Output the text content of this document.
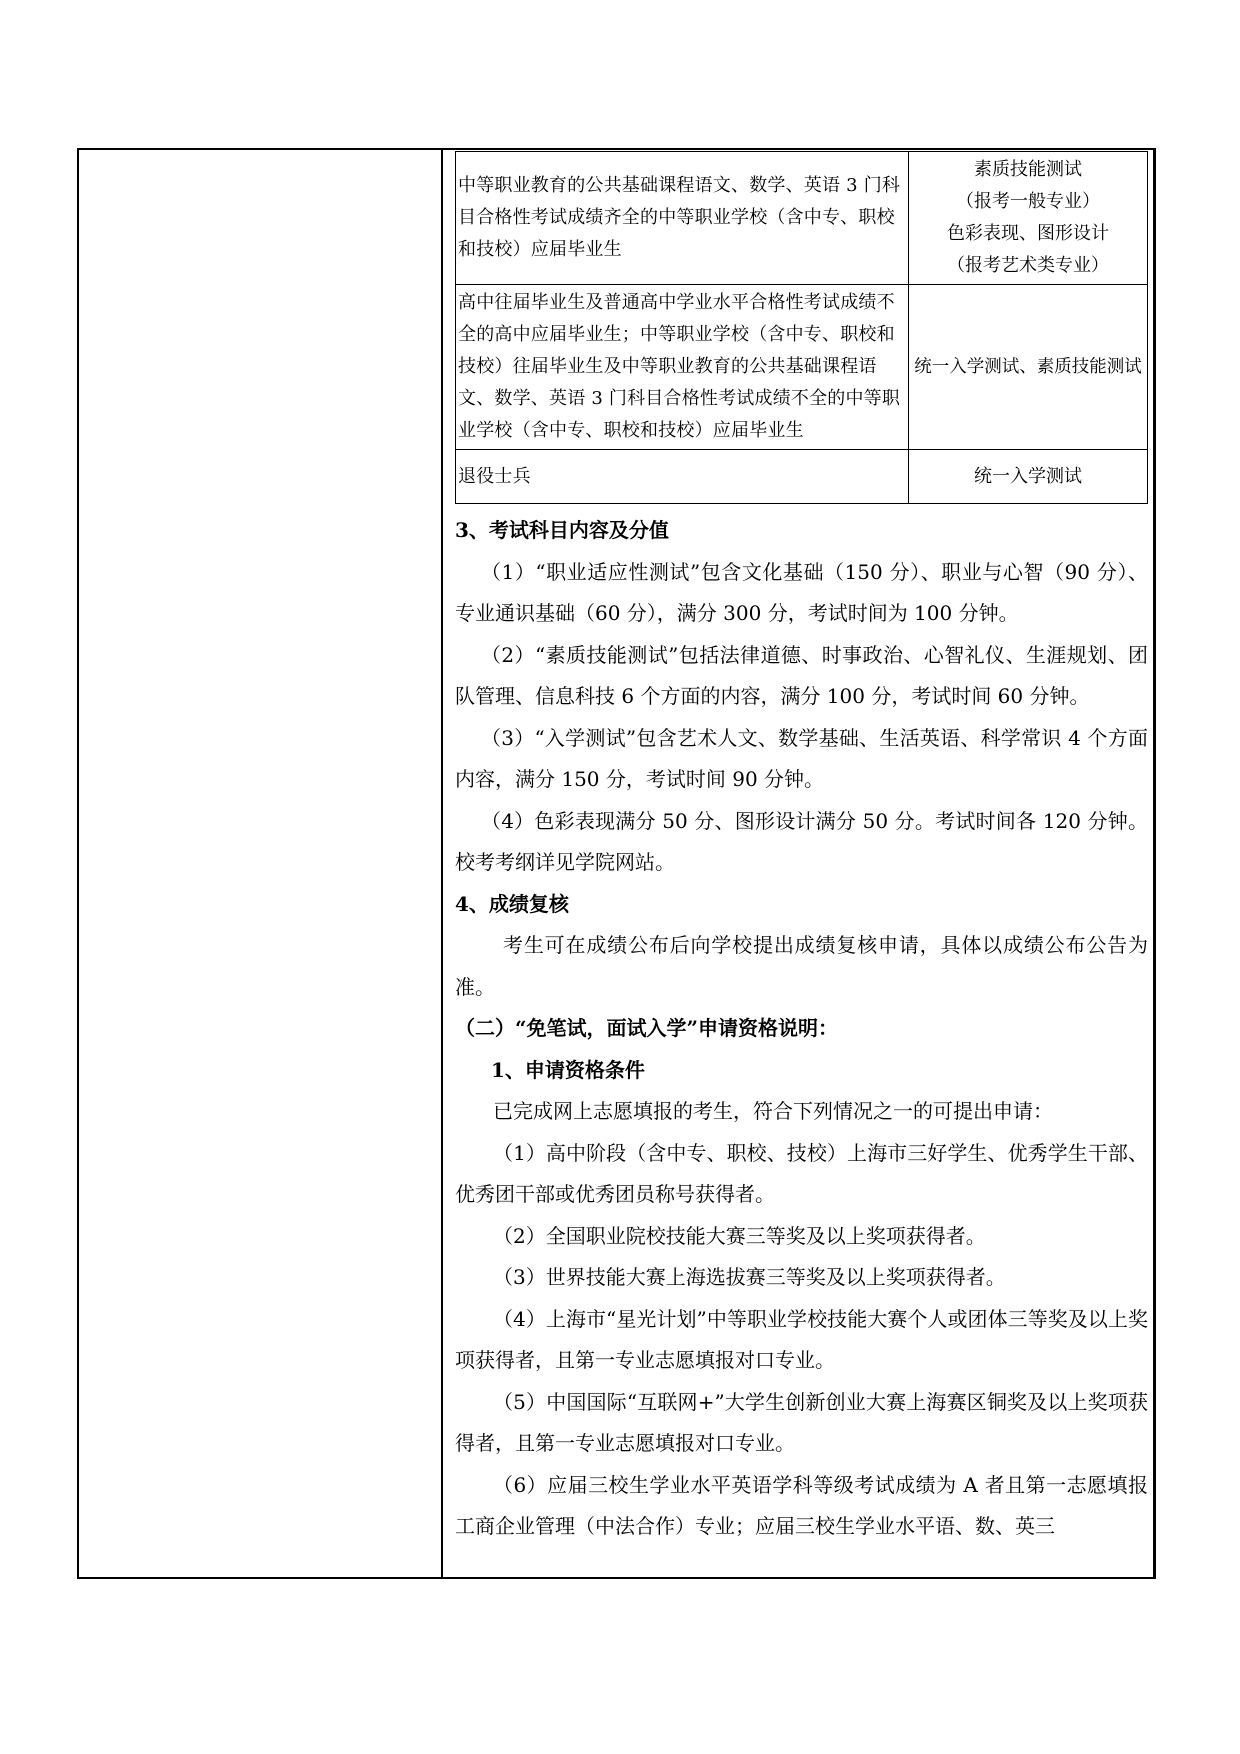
中等职业教育的公共基础课程语文、数学、英语 3 门科目合格性考试成绩齐全的中等职业学校（含中专、职校和技校）应届毕业生	素质技能测试
（报考一般专业）
色彩表现、图形设计
（报考艺术类专业）

高中往届毕业生及普通高中学业水平合格性考试成绩不全的高中应届毕业生；中等职业学校（含中专、职校和技校）往届毕业生及中等职业教育的公共基础课程语文、数学、英语 3 门科目合格性考试成绩不全的中等职业学校（含中专、职校和技校）应届毕业生	统一入学测试、素质技能测试

退役士兵	统一入学测试

3、考试科目内容及分值

（1）“职业适应性测试”包含文化基础（150 分）、职业与心智（90 分）、专业通识基础（60 分），满分 300 分，考试时间为 100 分钟。

（2）“素质技能测试”包括法律道德、时事政治、心智礼仪、生涯规划、团队管理、信息科技 6 个方面的内容，满分 100 分，考试时间 60 分钟。

（3）“入学测试”包含艺术人文、数学基础、生活英语、科学常识 4 个方面内容，满分 150 分，考试时间 90 分钟。

（4）色彩表现满分 50 分、图形设计满分 50 分。考试时间各 120 分钟。校考考纲详见学院网站。

4、成绩复核

考生可在成绩公布后向学校提出成绩复核申请，具体以成绩公布公告为准。

（二）“免笔试，面试入学”申请资格说明：

1、申请资格条件

已完成网上志愿填报的考生，符合下列情况之一的可提出申请：

（1）高中阶段（含中专、职校、技校）上海市三好学生、优秀学生干部、优秀团干部或优秀团员称号获得者。

（2）全国职业院校技能大赛三等奖及以上奖项获得者。

（3）世界技能大赛上海选拔赛三等奖及以上奖项获得者。

（4）上海市“星光计划”中等职业学校技能大赛个人或团体三等奖及以上奖项获得者，且第一专业志愿填报对口专业。

（5）中国国际“互联网+”大学生创新创业大赛上海赛区铜奖及以上奖项获得者，且第一专业志愿填报对口专业。

（6）应届三校生学业水平英语学科等级考试成绩为 A 者且第一志愿填报工商企业管理（中法合作）专业；应届三校生学业水平语、数、英三
